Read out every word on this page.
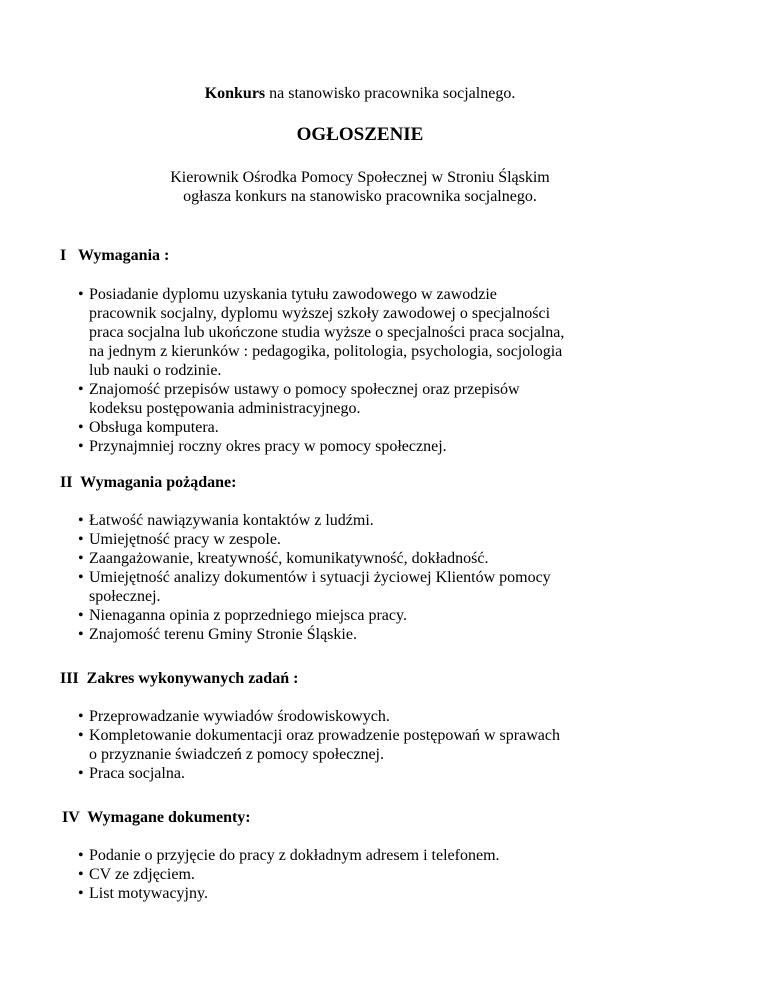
Konkurs na stanowisko pracownika socjalnego.
OGŁOSZENIE
Kierownik Ośrodka Pomocy Społecznej w Stroniu Śląskim
ogłasza konkurs na stanowisko pracownika socjalnego.
I   Wymagania :
• Posiadanie dyplomu uzyskania tytułu zawodowego w zawodzie
pracownik socjalny, dyplomu wyższej szkoły zawodowej o specjalności
praca socjalna lub ukończone studia wyższe o specjalności praca socjalna,
na jednym z kierunków : pedagogika, politologia, psychologia, socjologia
lub nauki o rodzinie.
• Znajomość przepisów ustawy o pomocy społecznej oraz przepisów
kodeksu postępowania administracyjnego.
• Obsługa komputera.
• Przynajmniej roczny okres pracy w pomocy społecznej.
II  Wymagania pożądane:
• Łatwość nawiązywania kontaktów z ludźmi.
• Umiejętność pracy w zespole.
• Zaangażowanie, kreatywność, komunikatywność, dokładność.
• Umiejętność analizy dokumentów i sytuacji życiowej Klientów pomocy
społecznej.
• Nienaganna opinia z poprzedniego miejsca pracy.
• Znajomość terenu Gminy Stronie Śląskie.
III  Zakres wykonywanych zadań :
• Przeprowadzanie wywiadów środowiskowych.
• Kompletowanie dokumentacji oraz prowadzenie postępowań w sprawach
o przyznanie świadczeń z pomocy społecznej.
• Praca socjalna.
IV  Wymagane dokumenty:
• Podanie o przyjęcie do pracy z dokładnym adresem i telefonem.
• CV ze zdjęciem.
• List motywacyjny.
